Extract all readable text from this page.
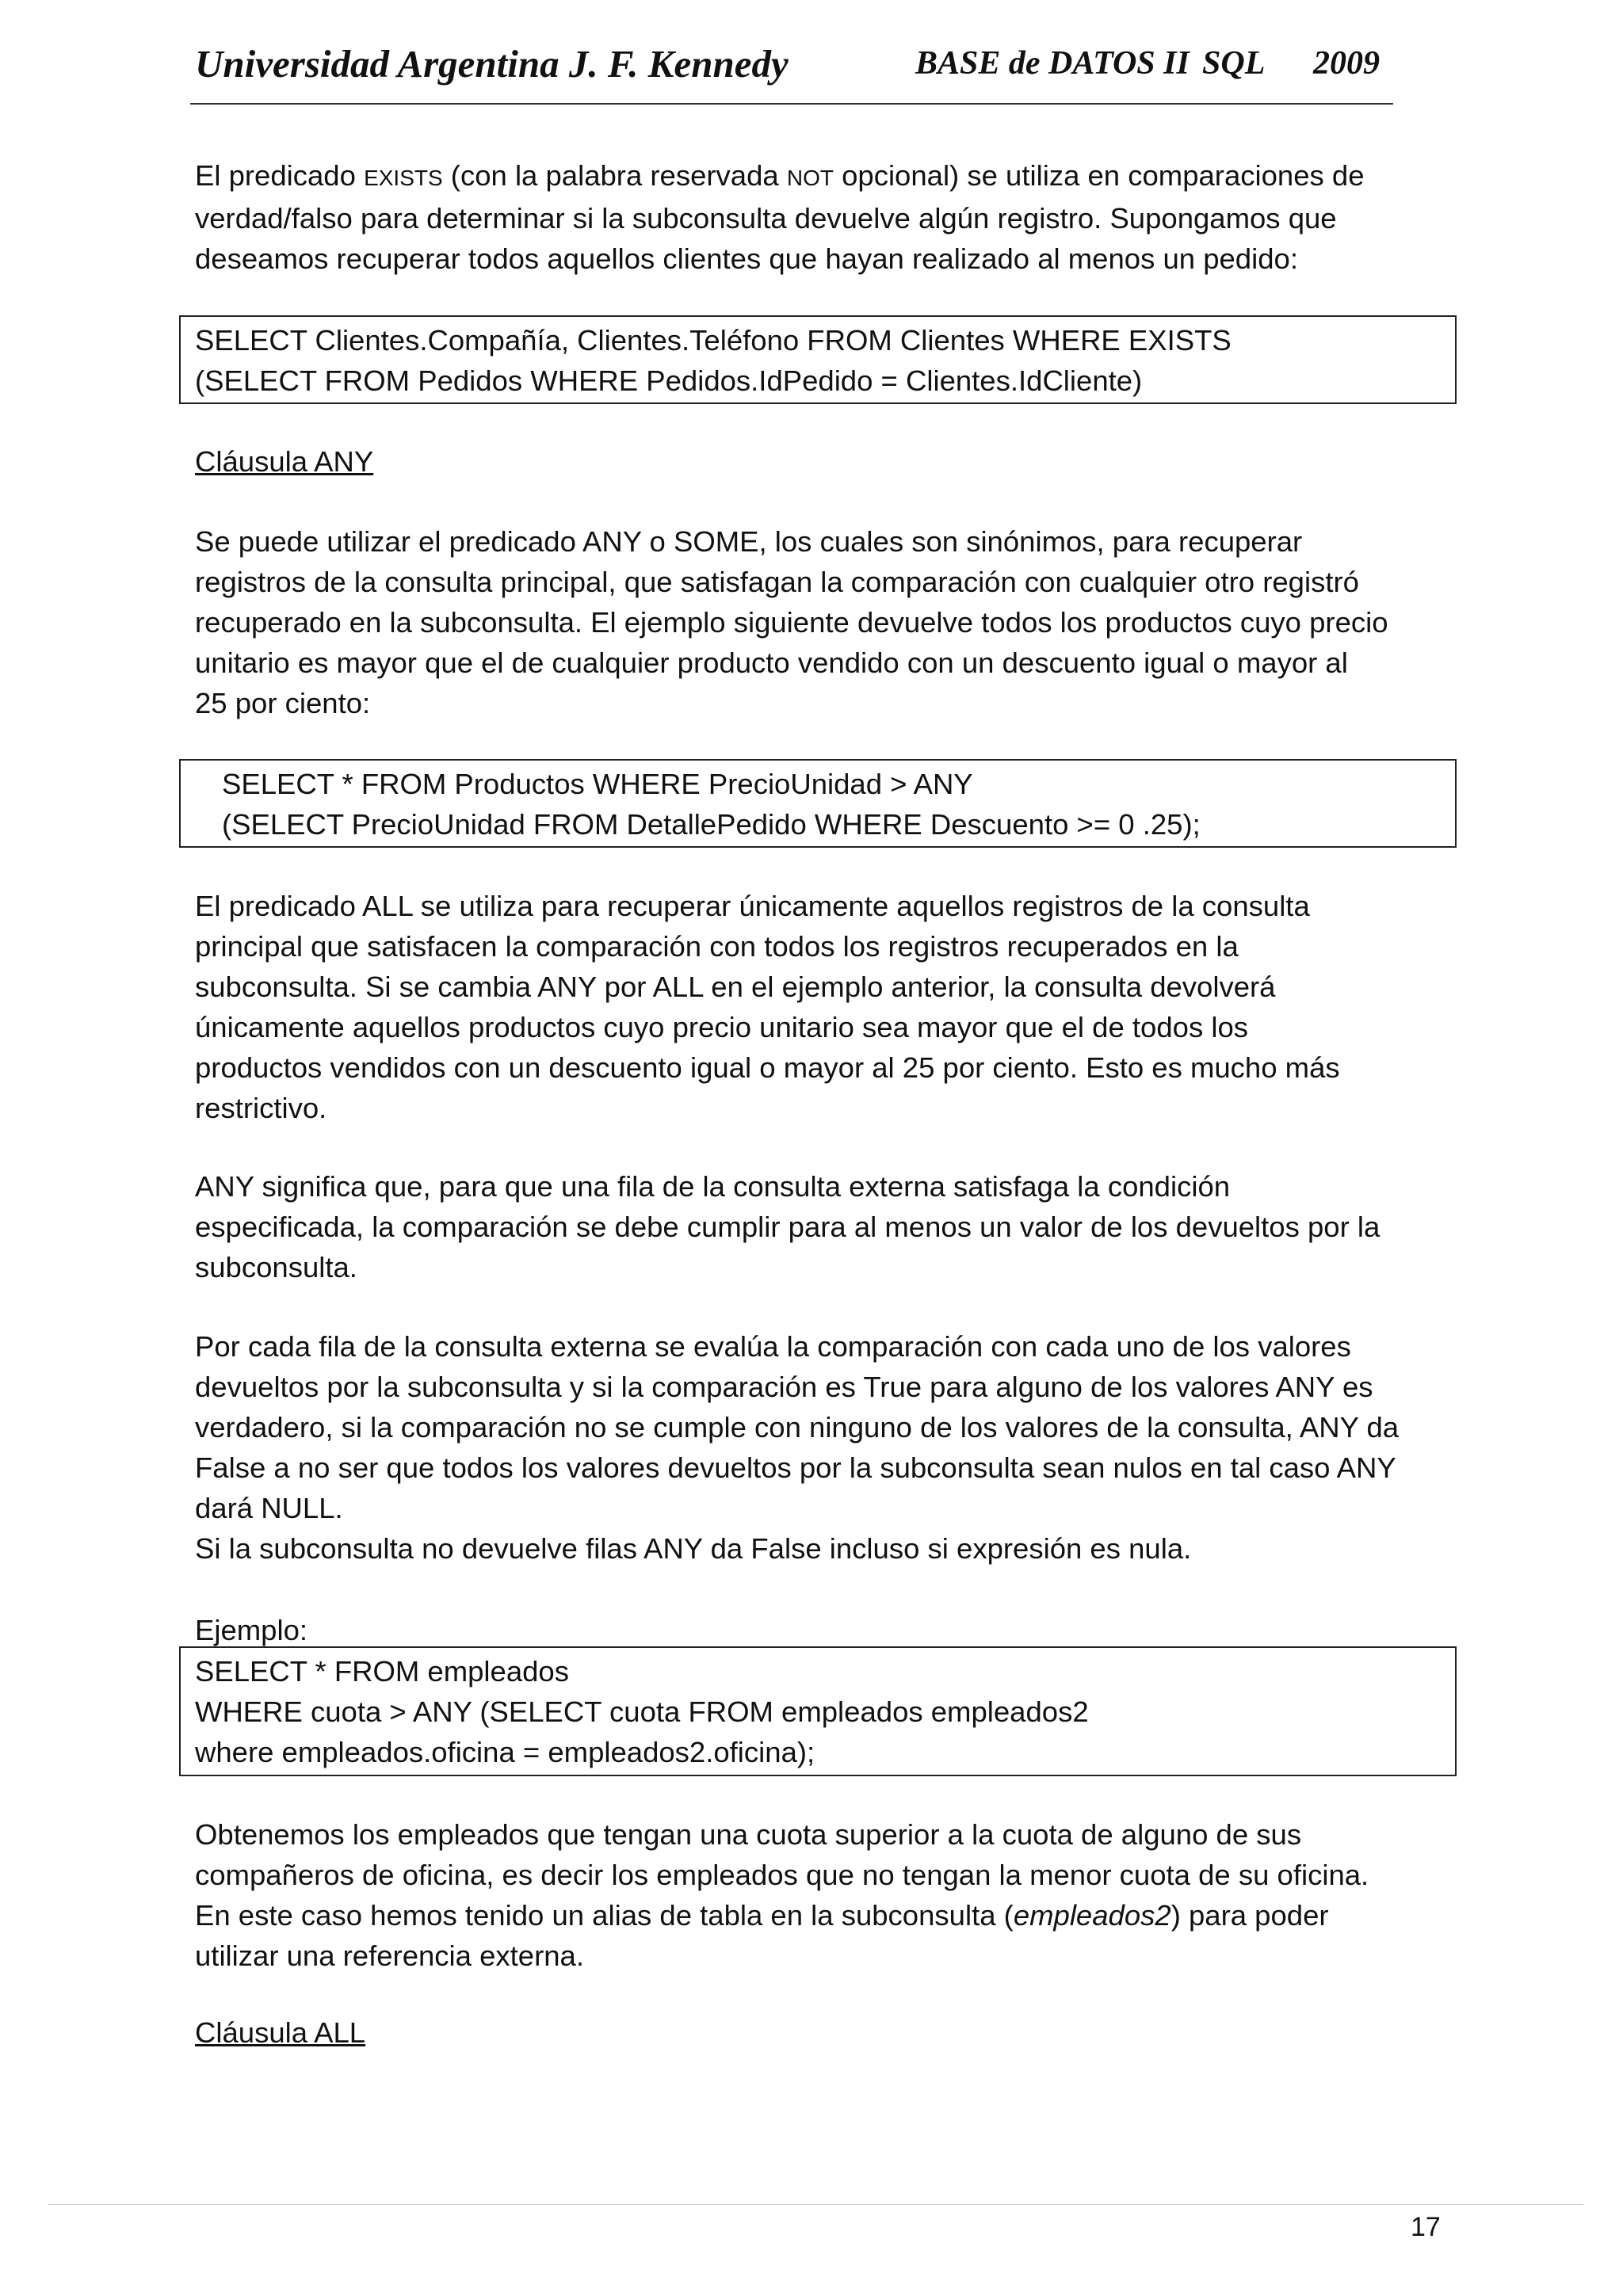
Universidad Argentina J. F. Kennedy	BASE de DATOS II SQL 2009

El predicado EXISTS (con la palabra reservada NOT opcional) se utiliza en comparaciones de
verdad/falso para determinar si la subconsulta devuelve algún registro. Supongamos que
deseamos recuperar todos aquellos clientes que hayan realizado al menos un pedido:

SELECT Clientes.Compañía, Clientes.Teléfono FROM Clientes WHERE EXISTS
(SELECT FROM Pedidos WHERE Pedidos.IdPedido = Clientes.IdCliente)
Cláusula ANY

Se puede utilizar el predicado ANY o SOME, los cuales son sinónimos, para recuperar
registros de la consulta principal, que satisfagan la comparación con cualquier otro registró
recuperado en la subconsulta. El ejemplo siguiente devuelve todos los productos cuyo precio
unitario es mayor que el de cualquier producto vendido con un descuento igual o mayor al
25 por ciento:

SELECT * FROM Productos WHERE PrecioUnidad > ANY
(SELECT PrecioUnidad FROM DetallePedido WHERE Descuento >= 0 .25);

El predicado ALL se utiliza para recuperar únicamente aquellos registros de la consulta
principal que satisfacen la comparación con todos los registros recuperados en la
subconsulta. Si se cambia ANY por ALL en el ejemplo anterior, la consulta devolverá
únicamente aquellos productos cuyo precio unitario sea mayor que el de todos los
productos vendidos con un descuento igual o mayor al 25 por ciento. Esto es mucho más
restrictivo.

ANY significa que, para que una fila de la consulta externa satisfaga la condición
especificada, la comparación se debe cumplir para al menos un valor de los devueltos por la
subconsulta.

Por cada fila de la consulta externa se evalúa la comparación con cada uno de los valores
devueltos por la subconsulta y si la comparación es True para alguno de los valores ANY es
verdadero, si la comparación no se cumple con ninguno de los valores de la consulta, ANY da
False a no ser que todos los valores devueltos por la subconsulta sean nulos en tal caso ANY
dará NULL.
Si la subconsulta no devuelve filas ANY da False incluso si expresión es nula.

Ejemplo:
SELECT * FROM empleados
WHERE cuota > ANY (SELECT cuota FROM empleados empleados2
where empleados.oficina = empleados2.oficina);

Obtenemos los empleados que tengan una cuota superior a la cuota de alguno de sus
compañeros de oficina, es decir los empleados que no tengan la menor cuota de su oficina.
En este caso hemos tenido un alias de tabla en la subconsulta (empleados2) para poder
utilizar una referencia externa.

Cláusula ALL
17
